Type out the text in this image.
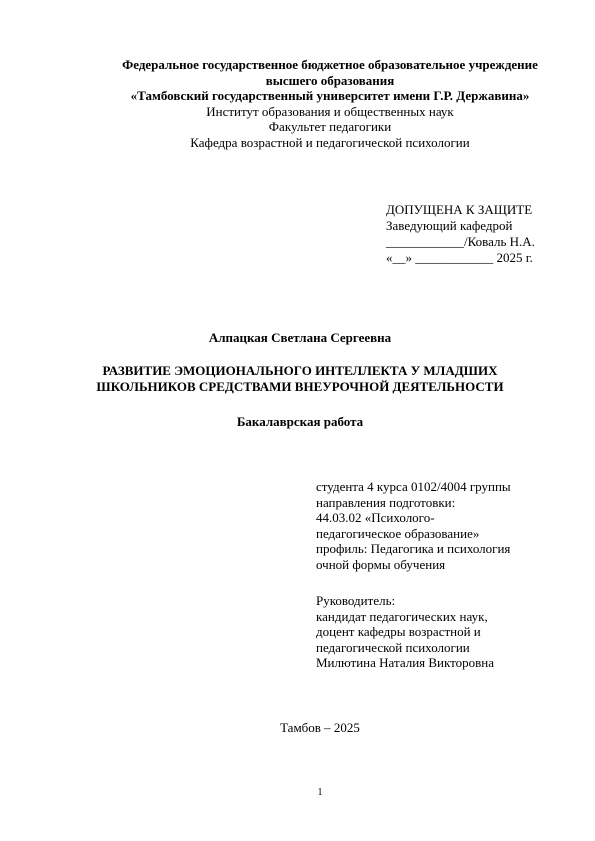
Федеральное государственное бюджетное образовательное учреждение
высшего образования
«Тамбовский государственный университет имени Г.Р. Державина»
Институт образования и общественных наук
Факультет педагогики
Кафедра возрастной и педагогической психологии
ДОПУЩЕНА К ЗАЩИТЕ
Заведующий кафедрой
____________/Коваль Н.А.
«__» ____________ 2025 г.
Алпацкая Светлана Сергеевна
РАЗВИТИЕ ЭМОЦИОНАЛЬНОГО ИНТЕЛЛЕКТА У МЛАДШИХ
ШКОЛЬНИКОВ СРЕДСТВАМИ ВНЕУРОЧНОЙ ДЕЯТЕЛЬНОСТИ
Бакалаврская работа
студента 4 курса 0102/4004 группы
направления подготовки:
44.03.02 «Психолого-
педагогическое образование»
профиль: Педагогика и психология
очной формы обучения
Руководитель:
кандидат педагогических наук,
доцент кафедры возрастной и
педагогической психологии
Милютина Наталия Викторовна
Тамбов – 2025
1
